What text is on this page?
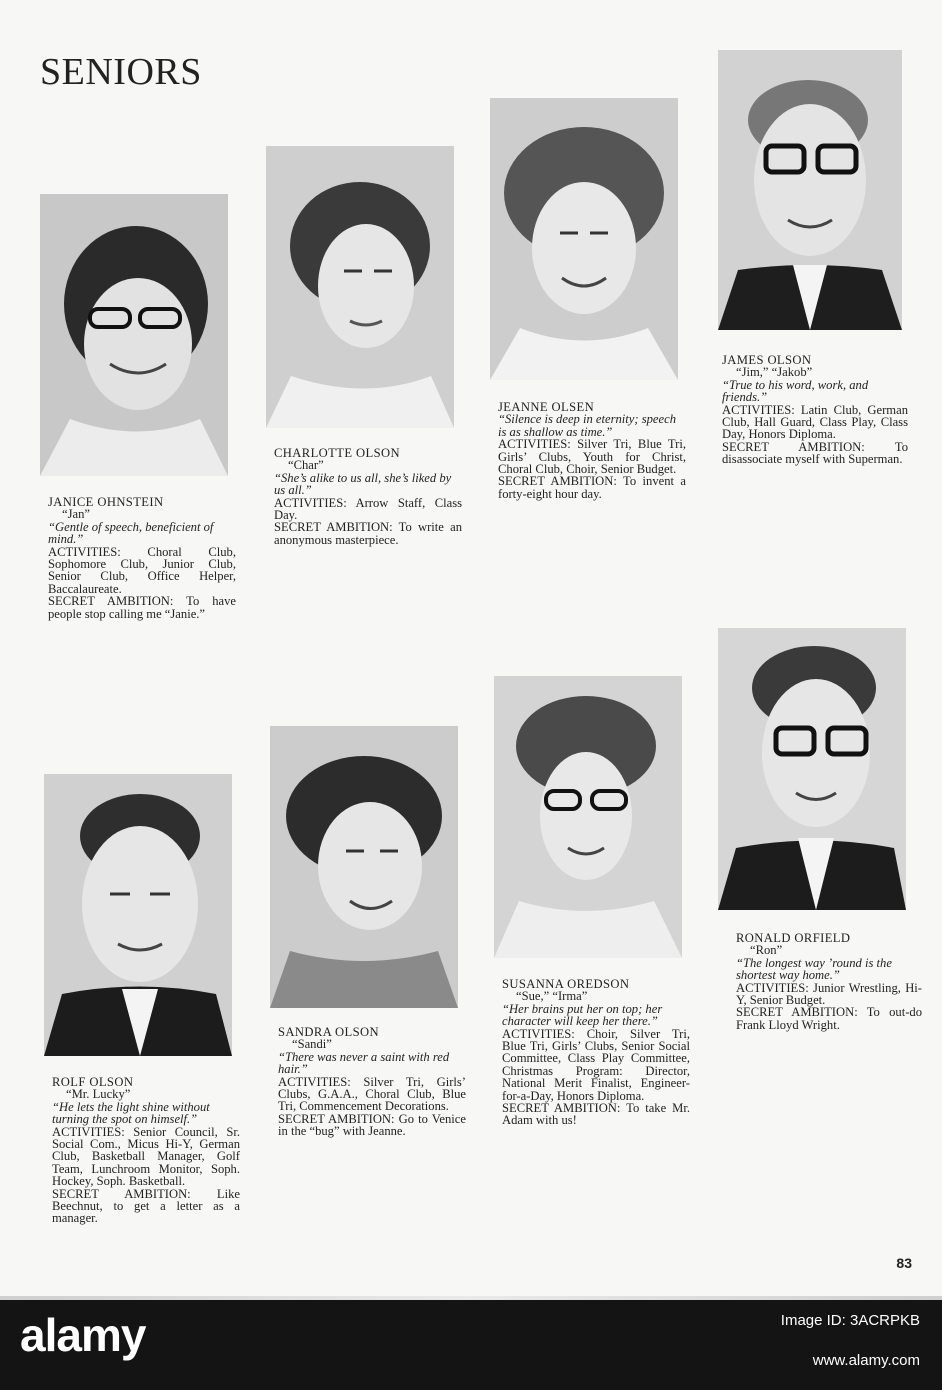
SENIORS
JANICE OHNSTEIN
“Jan”
“Gentle of speech, beneficient of mind.”
ACTIVITIES: Choral Club, Sophomore Club, Junior Club, Senior Club, Office Helper, Baccalaureate.
SECRET AMBITION: To have people stop calling me “Janie.”
CHARLOTTE OLSON
“Char”
“She’s alike to us all, she’s liked by us all.”
ACTIVITIES: Arrow Staff, Class Day.
SECRET AMBITION: To write an anonymous masterpiece.
JEANNE OLSEN
“Silence is deep in eternity; speech is as shallow as time.”
ACTIVITIES: Silver Tri, Blue Tri, Girls’ Clubs, Youth for Christ, Choral Club, Choir, Senior Budget.
SECRET AMBITION: To invent a forty-eight hour day.
JAMES OLSON
“Jim,” “Jakob”
“True to his word, work, and friends.”
ACTIVITIES: Latin Club, German Club, Hall Guard, Class Play, Class Day, Honors Diploma.
SECRET AMBITION: To disassociate myself with Superman.
ROLF OLSON
“Mr. Lucky”
“He lets the light shine without turning the spot on himself.”
ACTIVITIES: Senior Council, Sr. Social Com., Micus Hi-Y, German Club, Basketball Manager, Golf Team, Lunchroom Monitor, Soph. Hockey, Soph. Basketball.
SECRET AMBITION: Like Beechnut, to get a letter as a manager.
SANDRA OLSON
“Sandi”
“There was never a saint with red hair.”
ACTIVITIES: Silver Tri, Girls’ Clubs, G.A.A., Choral Club, Blue Tri, Commencement Decorations.
SECRET AMBITION: Go to Venice in the “bug” with Jeanne.
SUSANNA OREDSON
“Sue,” “Irma”
“Her brains put her on top; her character will keep her there.”
ACTIVITIES: Choir, Silver Tri, Blue Tri, Girls’ Clubs, Senior Social Committee, Class Play Committee, Christmas Program: Director, National Merit Finalist, Engineer-for-a-Day, Honors Diploma.
SECRET AMBITION: To take Mr. Adam with us!
RONALD ORFIELD
“Ron”
“The longest way ’round is the shortest way home.”
ACTIVITIES: Junior Wrestling, Hi-Y, Senior Budget.
SECRET AMBITION: To out-do Frank Lloyd Wright.
83
alamy	Image ID: 3ACRPKB
www.alamy.com
